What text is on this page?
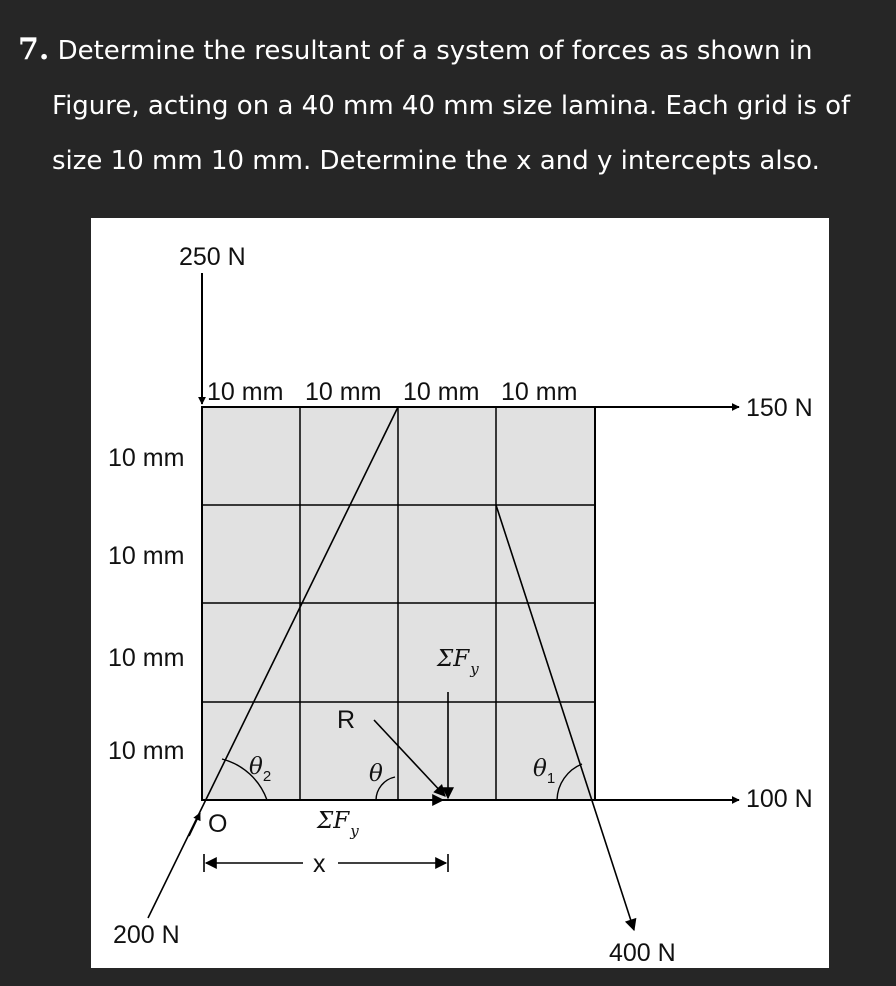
7. Determine the resultant of a system of forces as shown in
Figure, acting on a 40 mm 40 mm size lamina. Each grid is of
size 10 mm 10 mm. Determine the x and y intercepts also.
250 N
150 N
100 N
200 N
400 N
10 mm 10 mm 10 mm 10 mm
10 mm
10 mm
10 mm
10 mm
R
ΣFy
ΣFy
θ2	θ	θ1
O
x
